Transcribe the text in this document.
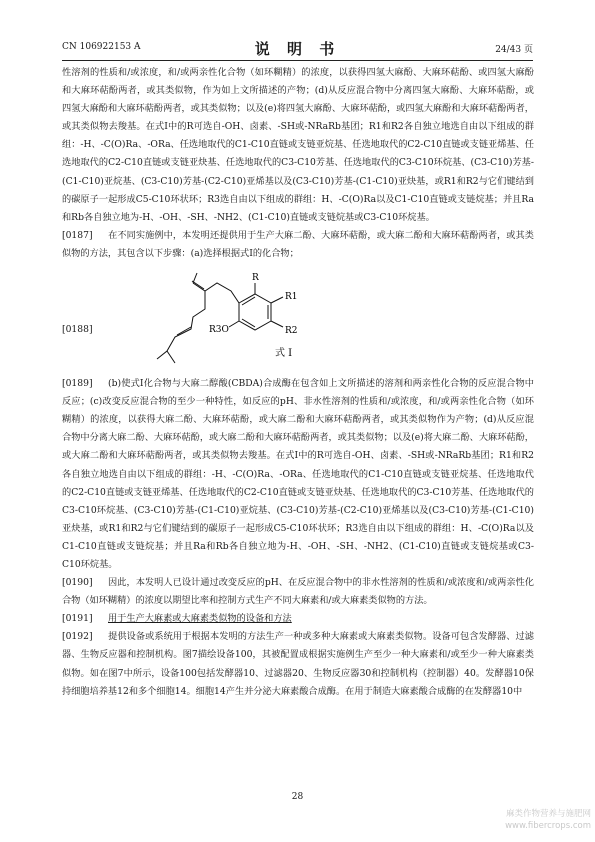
CN 106922153 A	说 明 书	24/43 页

性溶剂的性质和/或浓度，和/或两亲性化合物（如环糊精）的浓度，以获得四氢大麻酚、大麻环萜酚、或四氢大麻酚和大麻环萜酚两者，或其类似物，作为如上文所描述的产物；(d)从反应混合物中分离四氢大麻酚、大麻环萜酚，或四氢大麻酚和大麻环萜酚两者，或其类似物；以及(e)将四氢大麻酚、大麻环萜酚，或四氢大麻酚和大麻环萜酚两者，或其类似物去羧基。在式I中的R可选自-OH、卤素、-SH或-NRaRb基团；R1和R2各自独立地选自由以下组成的群组：-H、-C(O)Ra、-ORa、任选地取代的C1-C10直链或支链亚烷基、任选地取代的C2-C10直链或支链亚烯基、任选地取代的C2-C10直链或支链亚炔基、任选地取代的C3-C10芳基、任选地取代的C3-C10环烷基、(C3-C10)芳基-(C1-C10)亚烷基、(C3-C10)芳基-(C2-C10)亚烯基以及(C3-C10)芳基-(C1-C10)亚炔基，或R1和R2与它们键结到的碳原子一起形成C5-C10环状环；R3选自由以下组成的群组：H、-C(O)Ra以及C1-C10直链或支链烷基；并且Ra和Rb各自独立地为-H、-OH、-SH、-NH2、(C1-C10)直链或支链烷基或C3-C10环烷基。

[0187] 在不同实施例中，本发明还提供用于生产大麻二酚、大麻环萜酚，或大麻二酚和大麻环萜酚两者，或其类似物的方法，其包含以下步骤：(a)选择根据式I的化合物；

[0188]
R
R1
R3O	R2
式 I

[0189] (b)使式I化合物与大麻二醇酸(CBDA)合成酶在包含如上文所描述的溶剂和两亲性化合物的反应混合物中反应；(c)改变反应混合物的至少一种特性，如反应的pH、非水性溶剂的性质和/或浓度，和/或两亲性化合物（如环糊精）的浓度，以获得大麻二酚、大麻环萜酚，或大麻二酚和大麻环萜酚两者，或其类似物作为产物；(d)从反应混合物中分离大麻二酚、大麻环萜酚，或大麻二酚和大麻环萜酚两者，或其类似物；以及(e)将大麻二酚、大麻环萜酚，或大麻二酚和大麻环萜酚两者，或其类似物去羧基。在式I中的R可选自-OH、卤素、-SH或-NRaRb基团；R1和R2各自独立地选自由以下组成的群组：-H、-C(O)Ra、-ORa、任选地取代的C1-C10直链或支链亚烷基、任选地取代的C2-C10直链或支链亚烯基、任选地取代的C2-C10直链或支链亚炔基、任选地取代的C3-C10芳基、任选地取代的C3-C10环烷基、(C3-C10)芳基-(C1-C10)亚烷基、(C3-C10)芳基-(C2-C10)亚烯基以及(C3-C10)芳基-(C1-C10)亚炔基，或R1和R2与它们键结到的碳原子一起形成C5-C10环状环；R3选自由以下组成的群组：H、-C(O)Ra以及C1-C10直链或支链烷基；并且Ra和Rb各自独立地为-H、-OH、-SH、-NH2、(C1-C10)直链或支链烷基或C3-C10环烷基。

[0190] 因此，本发明人已设计通过改变反应的pH、在反应混合物中的非水性溶剂的性质和/或浓度和/或两亲性化合物（如环糊精）的浓度以期望比率和控制方式生产不同大麻素和/或大麻素类似物的方法。

[0191] 用于生产大麻素或大麻素类似物的设备和方法

[0192] 提供设备或系统用于根据本发明的方法生产一种或多种大麻素或大麻素类似物。设备可包含发酵器、过滤器、生物反应器和控制机构。图7描绘设备100，其被配置成根据实施例生产至少一种大麻素和/或至少一种大麻素类似物。如在图7中所示，设备100包括发酵器10、过滤器20、生物反应器30和控制机构（控制器）40。发酵器10保持细胞培养基12和多个细胞14。细胞14产生并分泌大麻素酸合成酶。在用于制造大麻素酸合成酶的在发酵器10中

28
麻类作物营养与施肥网
www.fibercrops.com
